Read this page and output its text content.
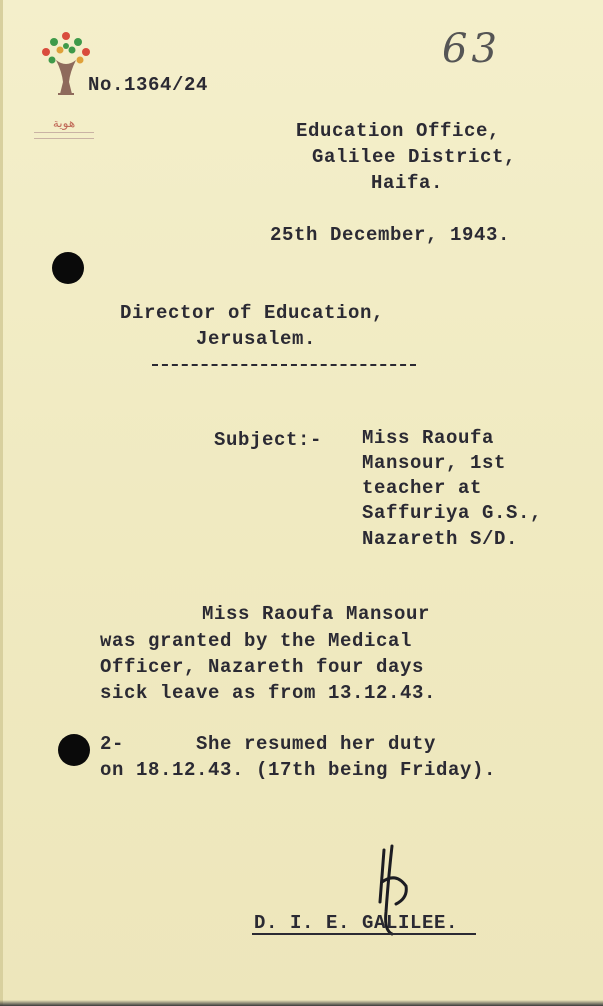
هوية
63
No.1364/24
Education Office,
Galilee District,
Haifa.
25th December, 1943.
Director of Education,
Jerusalem.
Subject:- Miss Raoufa
Mansour, 1st
teacher at
Saffuriya G.S.,
Nazareth S/D.
Miss Raoufa Mansour
was granted by the Medical
Officer, Nazareth four days
sick leave as from 13.12.43.
2-      She resumed her duty
on 18.12.43. (17th being Friday).
D. I. E. GALILEE.
